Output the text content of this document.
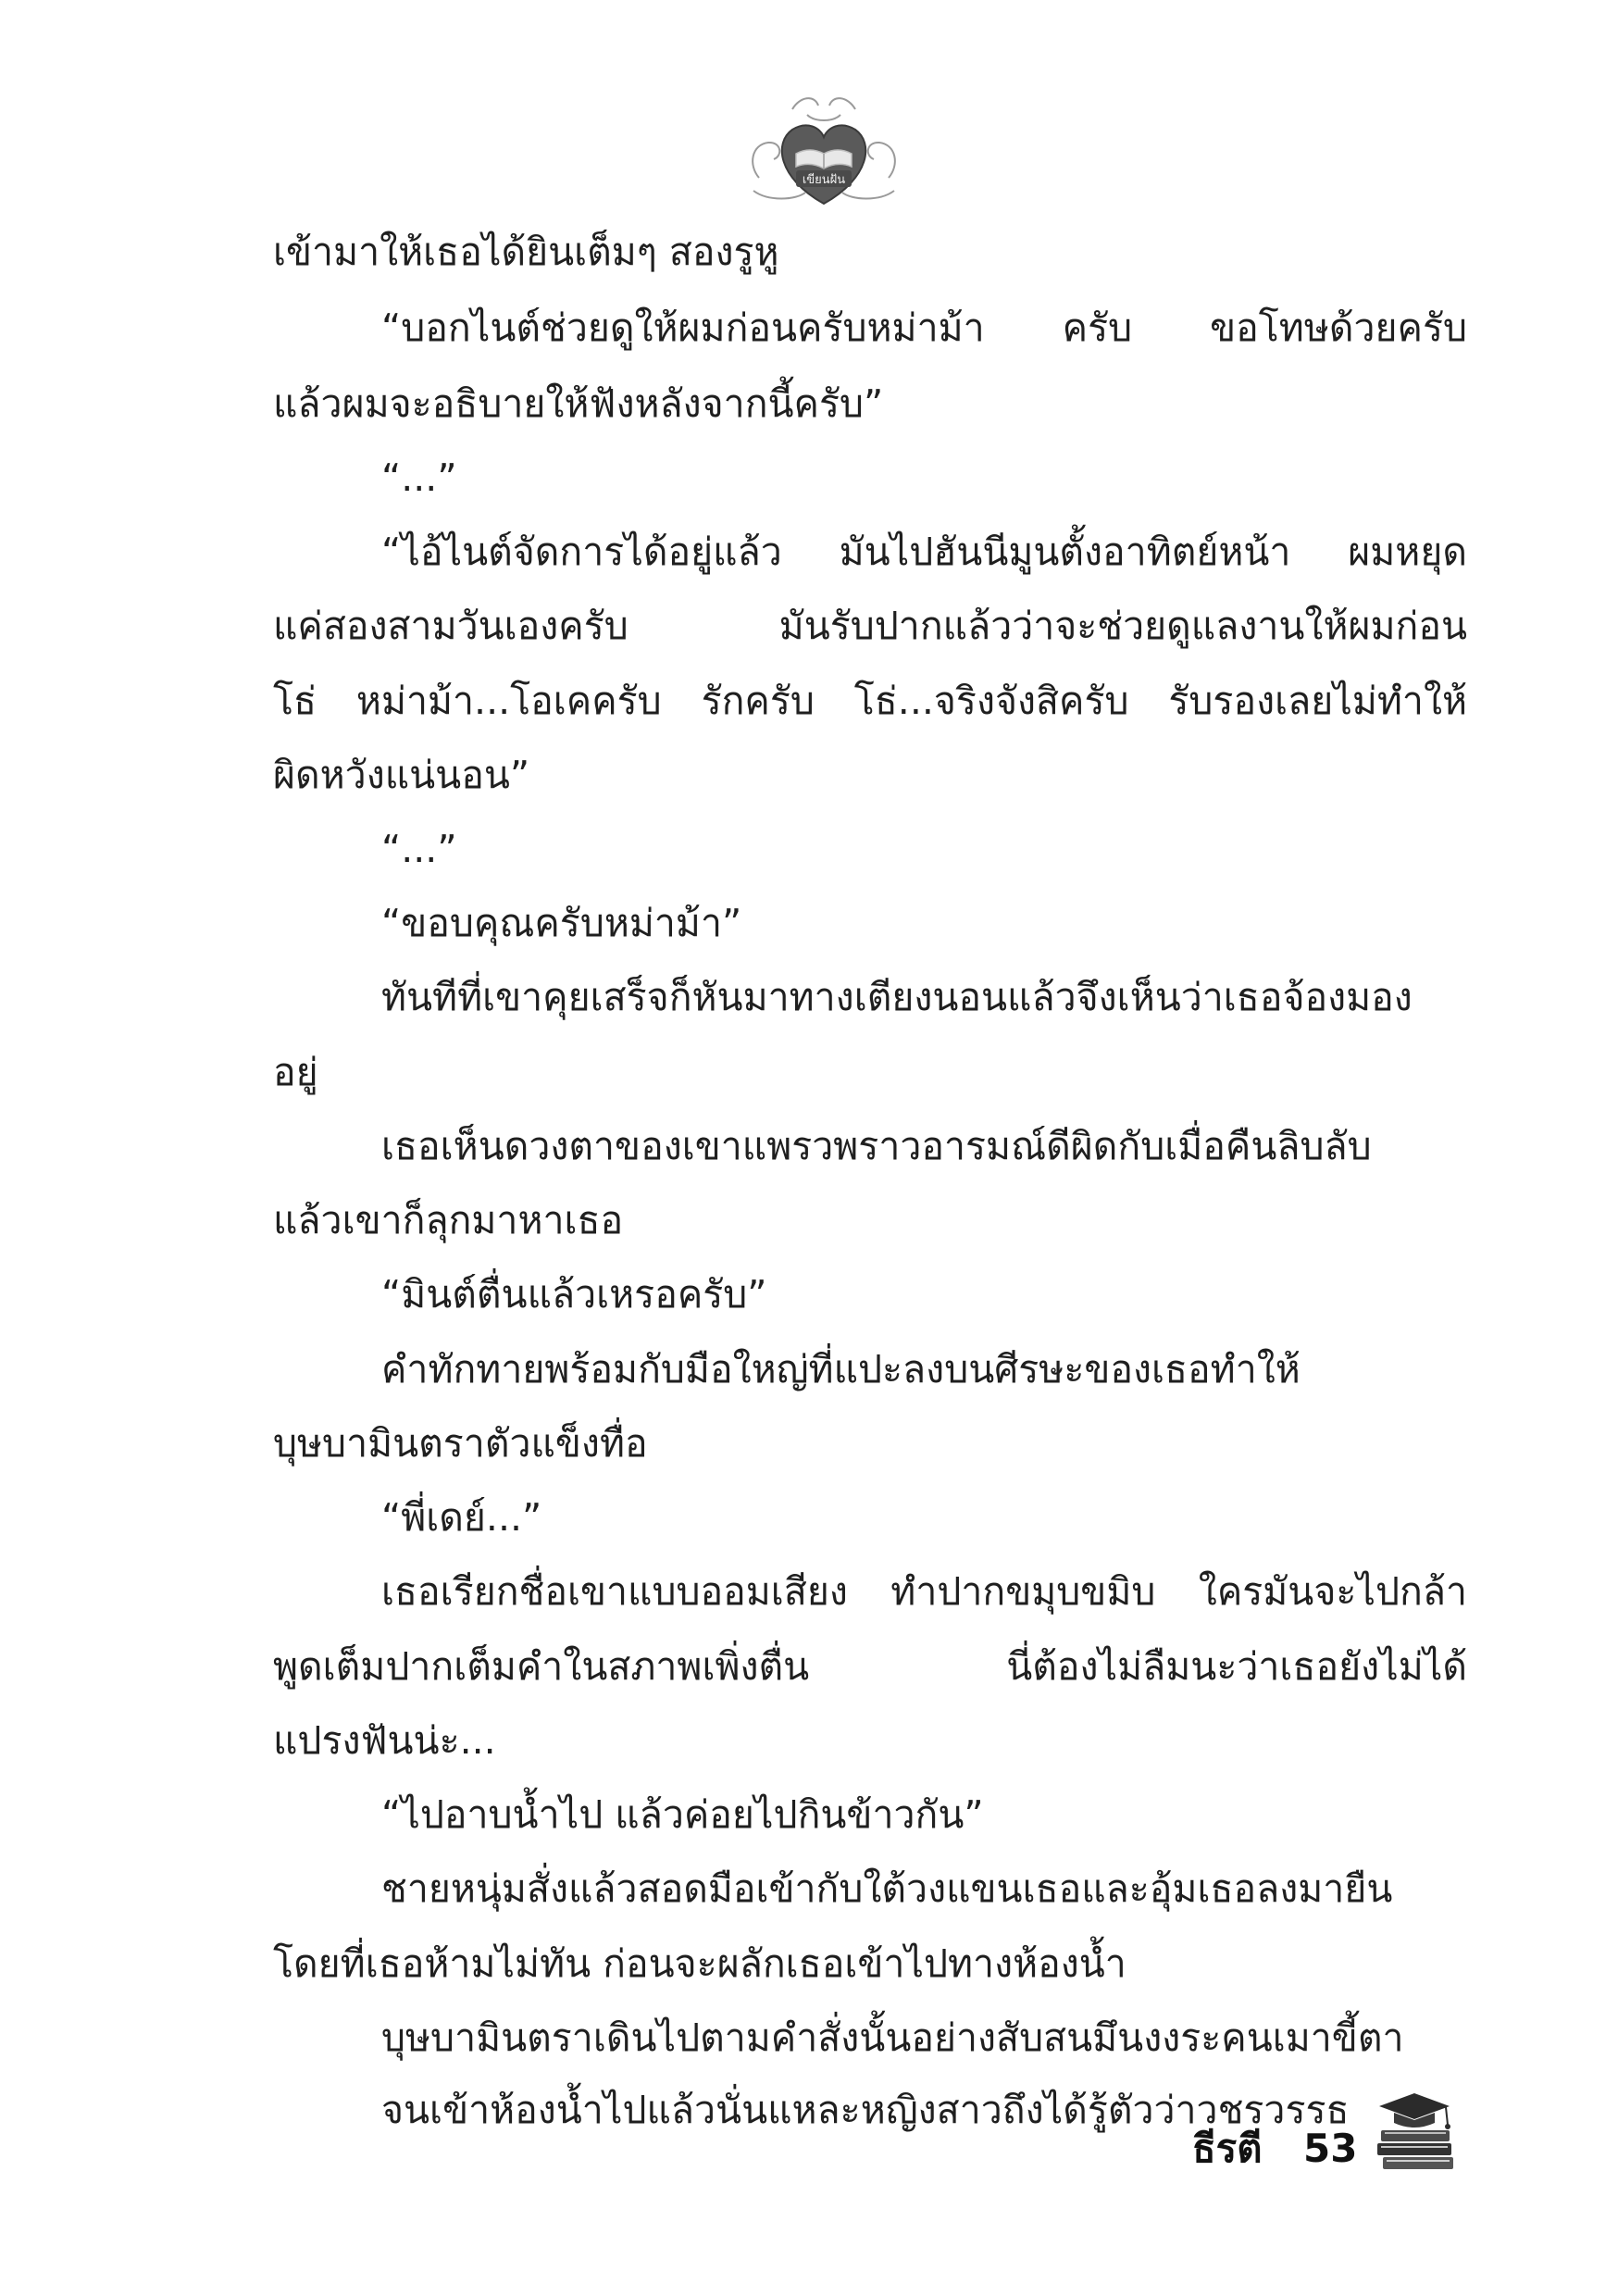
เขียนฝัน
เข้ามาให้เธอได้ยินเต็มๆ สองรูหู
“บอกไนต์ช่วยดูให้ผมก่อนครับหม่าม้า ครับ ขอโทษด้วยครับ
แล้วผมจะอธิบายให้ฟังหลังจากนี้ครับ”
“...”
“ไอ้ไนต์จัดการได้อยู่แล้ว มันไปฮันนีมูนตั้งอาทิตย์หน้า ผมหยุด
แค่สองสามวันเองครับ มันรับปากแล้วว่าจะช่วยดูแลงานให้ผมก่อน
โธ่ หม่าม้า...โอเคครับ รักครับ โธ่...จริงจังสิครับ รับรองเลยไม่ทำให้
ผิดหวังแน่นอน”
“...”
“ขอบคุณครับหม่าม้า”
ทันทีที่เขาคุยเสร็จก็หันมาทางเตียงนอนแล้วจึงเห็นว่าเธอจ้องมอง
อยู่
เธอเห็นดวงตาของเขาแพรวพราวอารมณ์ดีผิดกับเมื่อคืนลิบลับ
แล้วเขาก็ลุกมาหาเธอ
“มินต์ตื่นแล้วเหรอครับ”
คำทักทายพร้อมกับมือใหญ่ที่แปะลงบนศีรษะของเธอทำให้
บุษบามินตราตัวแข็งทื่อ
“พี่เดย์...”
เธอเรียกชื่อเขาแบบออมเสียง ทำปากขมุบขมิบ ใครมันจะไปกล้า
พูดเต็มปากเต็มคำในสภาพเพิ่งตื่น นี่ต้องไม่ลืมนะว่าเธอยังไม่ได้
แปรงฟันน่ะ...
“ไปอาบน้ำไป แล้วค่อยไปกินข้าวกัน”
ชายหนุ่มสั่งแล้วสอดมือเข้ากับใต้วงแขนเธอและอุ้มเธอลงมายืน
โดยที่เธอห้ามไม่ทัน ก่อนจะผลักเธอเข้าไปทางห้องน้ำ
บุษบามินตราเดินไปตามคำสั่งนั้นอย่างสับสนมึนงงระคนเมาขี้ตา
จนเข้าห้องน้ำไปแล้วนั่นแหละหญิงสาวถึงได้รู้ตัวว่าวชรวรรธ
ธีรตี 53
